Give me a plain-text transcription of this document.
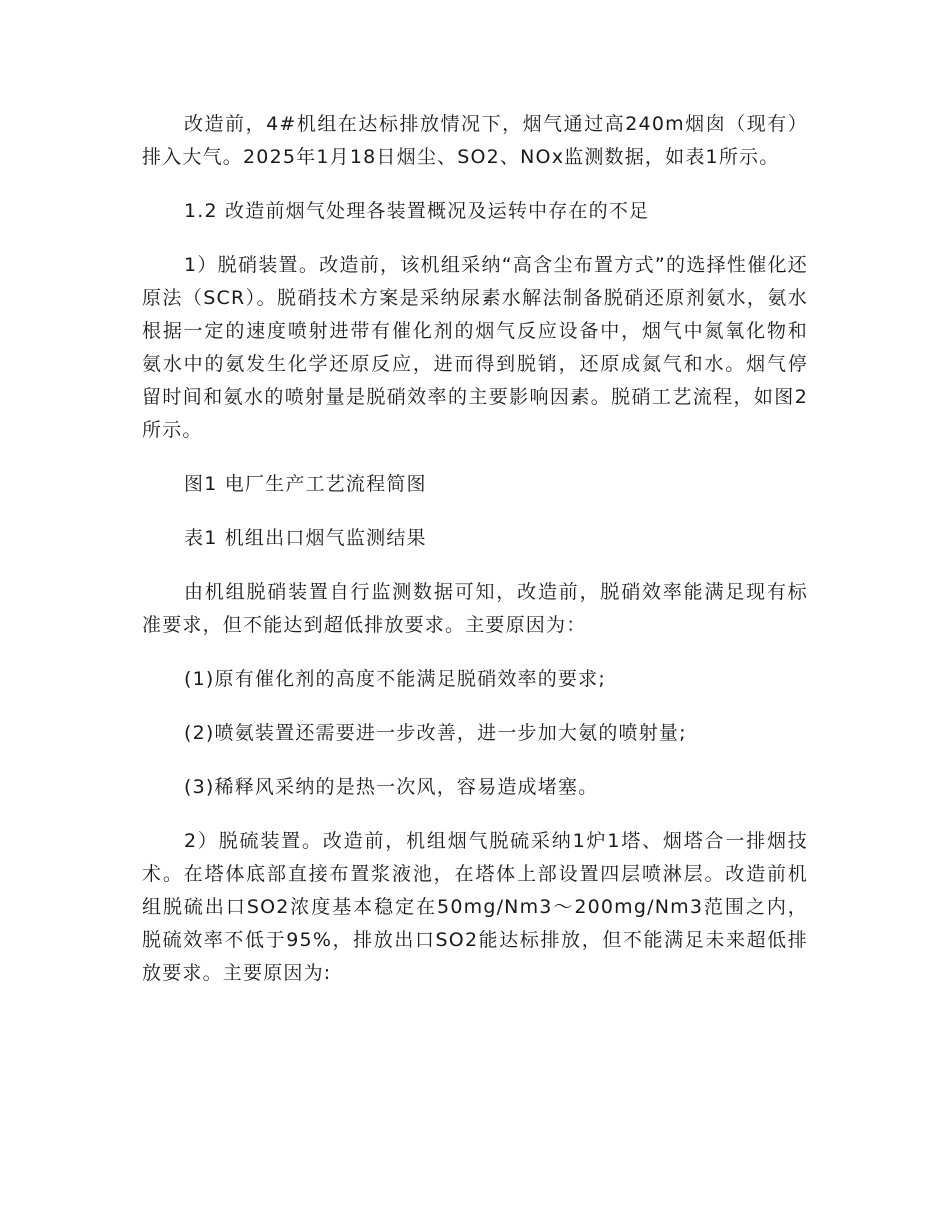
改造前，4#机组在达标排放情况下，烟气通过高240m烟囱（现有）排入大气。2025年1月18日烟尘、SO2、NOx监测数据，如表1所示。

1.2 改造前烟气处理各装置概况及运转中存在的不足

1）脱硝装置。改造前，该机组采纳“高含尘布置方式”的选择性催化还原法（SCR）。脱硝技术方案是采纳尿素水解法制备脱硝还原剂氨水，氨水根据一定的速度喷射进带有催化剂的烟气反应设备中，烟气中氮氧化物和氨水中的氨发生化学还原反应，进而得到脱销，还原成氮气和水。烟气停留时间和氨水的喷射量是脱硝效率的主要影响因素。脱硝工艺流程，如图2所示。

图1 电厂生产工艺流程简图

表1 机组出口烟气监测结果

由机组脱硝装置自行监测数据可知，改造前，脱硝效率能满足现有标准要求，但不能达到超低排放要求。主要原因为：

(1)原有催化剂的高度不能满足脱硝效率的要求;

(2)喷氨装置还需要进一步改善，进一步加大氨的喷射量;

(3)稀释风采纳的是热一次风，容易造成堵塞。

2）脱硫装置。改造前，机组烟气脱硫采纳1炉1塔、烟塔合一排烟技术。在塔体底部直接布置浆液池，在塔体上部设置四层喷淋层。改造前机组脱硫出口SO2浓度基本稳定在50mg/Nm3～200mg/Nm3范围之内，脱硫效率不低于95%，排放出口SO2能达标排放，但不能满足未来超低排放要求。主要原因为:
